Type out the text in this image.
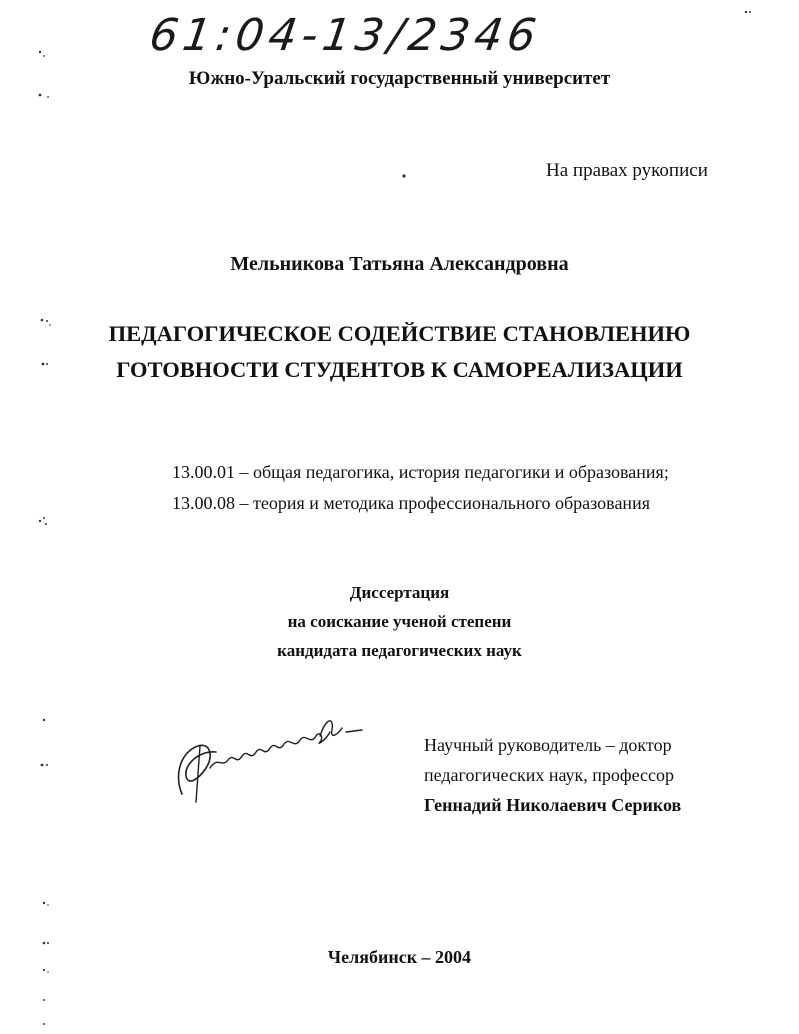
61:04-13/2346
Южно-Уральский государственный университет
На правах рукописи
Мельникова Татьяна Александровна
ПЕДАГОГИЧЕСКОЕ СОДЕЙСТВИЕ СТАНОВЛЕНИЮ
ГОТОВНОСТИ СТУДЕНТОВ К САМОРЕАЛИЗАЦИИ
13.00.01 – общая педагогика, история педагогики и образования;
13.00.08 – теория и методика профессионального образования
Диссертация
на соискание ученой степени
кандидата педагогических наук
Научный руководитель – доктор
педагогических наук, профессор
Геннадий Николаевич Сериков
Челябинск – 2004
